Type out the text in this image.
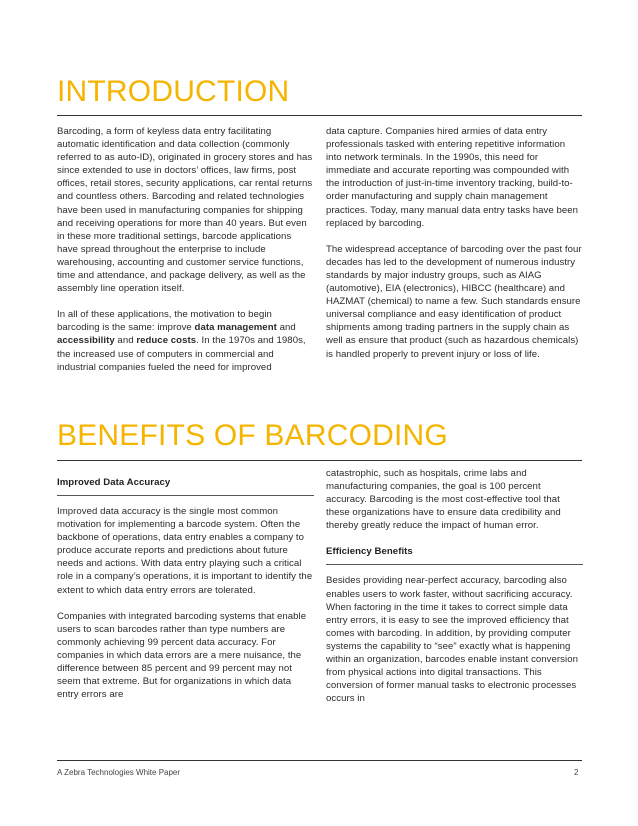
INTRODUCTION

Barcoding, a form of keyless data entry facilitating automatic identification and data collection (commonly referred to as auto-ID), originated in grocery stores and has since extended to use in doctors’ offices, law firms, post offices, retail stores, security applications, car rental returns and countless others. Barcoding and related technologies have been used in manufacturing companies for shipping and receiving operations for more than 40 years. But even in these more traditional settings, barcode applications have spread throughout the enterprise to include warehousing, accounting and customer service functions, time and attendance, and package delivery, as well as the assembly line operation itself.

In all of these applications, the motivation to begin barcoding is the same: improve data management and accessibility and reduce costs. In the 1970s and 1980s, the increased use of computers in commercial and industrial companies fueled the need for improved

data capture. Companies hired armies of data entry professionals tasked with entering repetitive information into network terminals. In the 1990s, this need for immediate and accurate reporting was compounded with the introduction of just-in-time inventory tracking, build-to-order manufacturing and supply chain management practices. Today, many manual data entry tasks have been replaced by barcoding.

The widespread acceptance of barcoding over the past four decades has led to the development of numerous industry standards by major industry groups, such as AIAG (automotive), EIA (electronics), HIBCC (healthcare) and HAZMAT (chemical) to name a few. Such standards ensure universal compliance and easy identification of product shipments among trading partners in the supply chain as well as ensure that product (such as hazardous chemicals) is handled properly to prevent injury or loss of life.

BENEFITS OF BARCODING
Improved Data Accuracy

Improved data accuracy is the single most common motivation for implementing a barcode system. Often the backbone of operations, data entry enables a company to produce accurate reports and predictions about future needs and actions. With data entry playing such a critical role in a company’s operations, it is important to identify the extent to which data entry errors are tolerated.

Companies with integrated barcoding systems that enable users to scan barcodes rather than type numbers are commonly achieving 99 percent data accuracy. For companies in which data errors are a mere nuisance, the difference between 85 percent and 99 percent may not seem that extreme. But for organizations in which data entry errors are

catastrophic, such as hospitals, crime labs and manufacturing companies, the goal is 100 percent accuracy. Barcoding is the most cost-effective tool that these organizations have to ensure data credibility and thereby greatly reduce the impact of human error.

Efficiency Benefits

Besides providing near-perfect accuracy, barcoding also enables users to work faster, without sacrificing accuracy. When factoring in the time it takes to correct simple data entry errors, it is easy to see the improved efficiency that comes with barcoding. In addition, by providing computer systems the capability to “see” exactly what is happening within an organization, barcodes enable instant conversion from physical actions into digital transactions. This conversion of former manual tasks to electronic processes occurs in

A Zebra Technologies White Paper	2
